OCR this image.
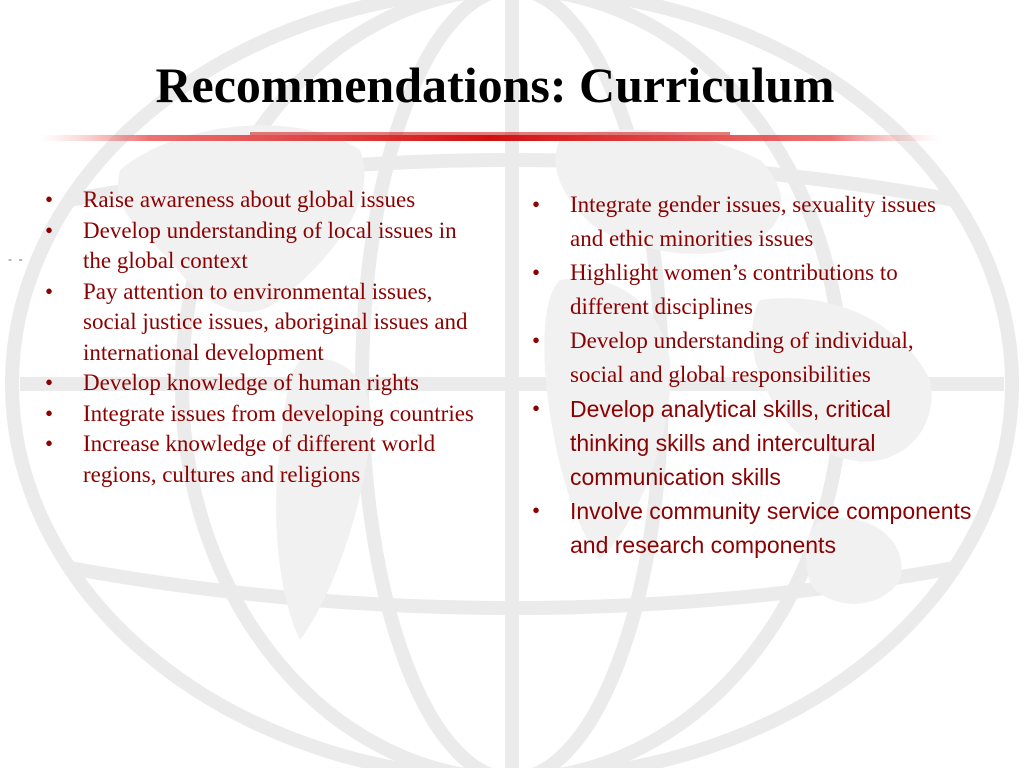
Recommendations: Curriculum
-  -
• Raise awareness about global issues
• Develop understanding of local issues in the global context
• Pay attention to environmental issues, social justice issues, aboriginal issues and international development
• Develop knowledge of human rights
• Integrate issues from developing countries
• Increase knowledge of different world regions, cultures and religions
• Integrate gender issues, sexuality issues and ethic minorities issues
• Highlight women’s contributions to different disciplines
• Develop understanding of individual, social and global responsibilities
• Develop analytical skills, critical thinking skills and intercultural communication skills
• Involve community service components and research components
